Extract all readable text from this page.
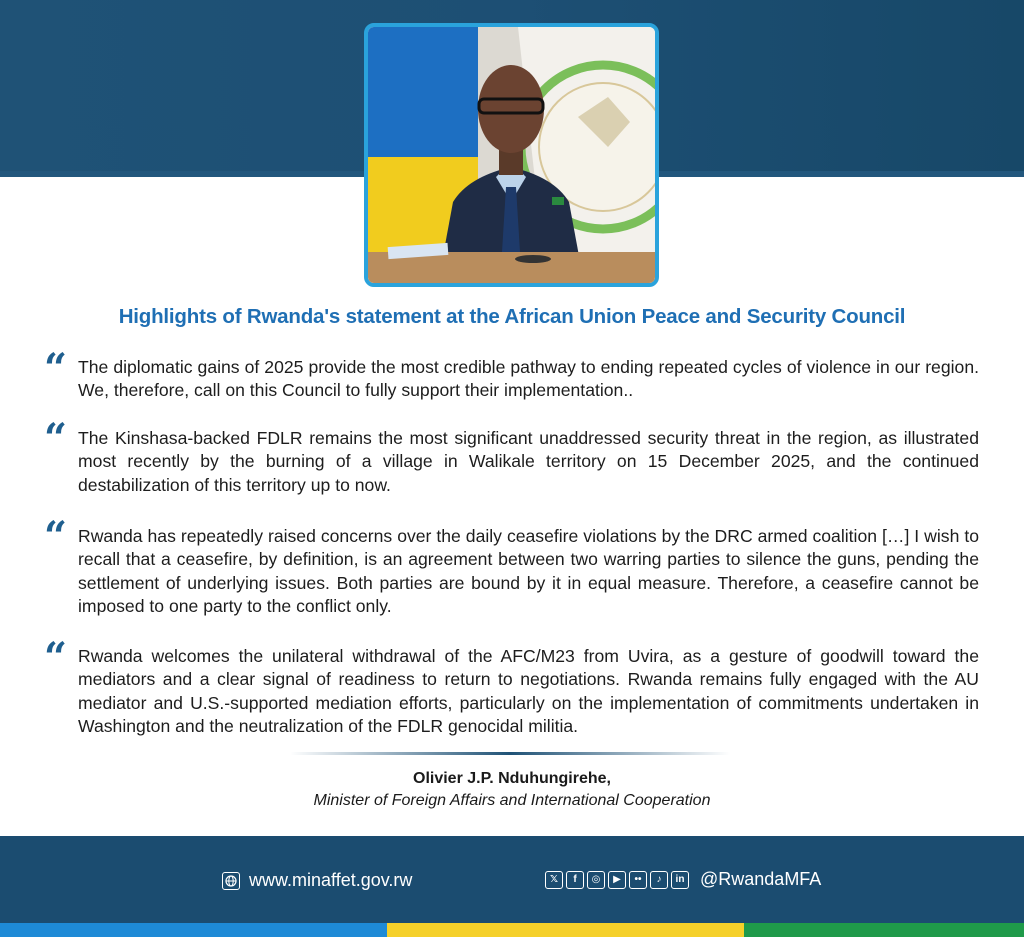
Highlights of Rwanda's statement at the African Union Peace and Security Council
“ The diplomatic gains of 2025 provide the most credible pathway to ending repeated cycles of violence in our region. We, therefore, call on this Council to fully support their implementation..
“ The Kinshasa-backed FDLR remains the most significant unaddressed security threat in the region, as illustrated most recently by the burning of a village in Walikale territory on 15 December 2025, and the continued destabilization of this territory up to now.
“ Rwanda has repeatedly raised concerns over the daily ceasefire violations by the DRC armed coalition […] I wish to recall that a ceasefire, by definition, is an agreement between two warring parties to silence the guns, pending the settlement of underlying issues. Both parties are bound by it in equal measure. Therefore, a ceasefire cannot be imposed to one party to the conflict only.
“ Rwanda welcomes the unilateral withdrawal of the AFC/M23 from Uvira, as a gesture of goodwill toward the mediators and a clear signal of readiness to return to negotiations. Rwanda remains fully engaged with the AU mediator and U.S.-supported mediation efforts, particularly on the implementation of commitments undertaken in Washington and the neutralization of the FDLR genocidal militia.
Olivier J.P. Nduhungirehe,
Minister of Foreign Affairs and International Cooperation
www.minaffet.gov.rw	𝕏	f	◎	▶	••	♪	in @RwandaMFA
